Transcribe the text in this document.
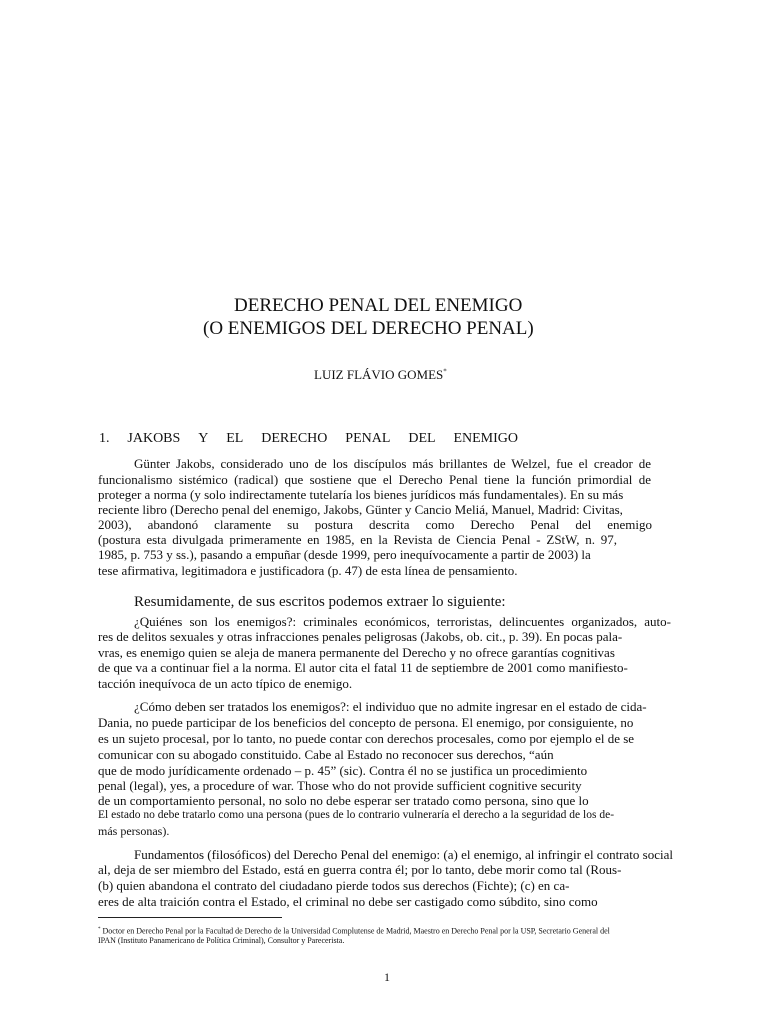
DERECHO PENAL DEL ENEMIGO
(O ENEMIGOS DEL DERECHO PENAL)
LUIZ FLÁVIO GOMES*
1. JAKOBS Y EL DERECHO PENAL DEL ENEMIGO
Günter Jakobs, considerado uno de los discípulos más brillantes de Welzel, fue el creador de
funcionalismo sistémico (radical) que sostiene que el Derecho Penal tiene la función primordial de
proteger a norma (y solo indirectamente tutelaría los bienes jurídicos más fundamentales). En su más
reciente libro (Derecho penal del enemigo, Jakobs, Günter y Cancio Meliá, Manuel, Madrid: Civitas,
2003), abandonó claramente su postura descrita como Derecho Penal del enemigo
(postura esta divulgada primeramente en 1985, en la Revista de Ciencia Penal - ZStW, n. 97,
1985, p. 753 y ss.), pasando a empuñar (desde 1999, pero inequívocamente a partir de 2003) la
tese afirmativa, legitimadora e justificadora (p. 47) de esta línea de pensamiento.
Resumidamente, de sus escritos podemos extraer lo siguiente:
¿Quiénes son los enemigos?: criminales económicos, terroristas, delincuentes organizados, auto-
res de delitos sexuales y otras infracciones penales peligrosas (Jakobs, ob. cit., p. 39). En pocas pala-
vras, es enemigo quien se aleja de manera permanente del Derecho y no ofrece garantías cognitivas
de que va a continuar fiel a la norma. El autor cita el fatal 11 de septiembre de 2001 como manifiesto-
tacción inequívoca de un acto típico de enemigo.
¿Cómo deben ser tratados los enemigos?: el individuo que no admite ingresar en el estado de cida-
Dania, no puede participar de los beneficios del concepto de persona. El enemigo, por consiguiente, no
es un sujeto procesal, por lo tanto, no puede contar con derechos procesales, como por ejemplo el de se
comunicar con su abogado constituido. Cabe al Estado no reconocer sus derechos, “aún
que de modo jurídicamente ordenado – p. 45” (sic). Contra él no se justifica un procedimiento
penal (legal), yes, a procedure of war. Those who do not provide sufficient cognitive security
de un comportamiento personal, no solo no debe esperar ser tratado como persona, sino que lo
El estado no debe tratarlo como una persona (pues de lo contrario vulneraría el derecho a la seguridad de los de-
más personas).
Fundamentos (filosóficos) del Derecho Penal del enemigo: (a) el enemigo, al infringir el contrato social
al, deja de ser miembro del Estado, está en guerra contra él; por lo tanto, debe morir como tal (Rous-
(b) quien abandona el contrato del ciudadano pierde todos sus derechos (Fichte); (c) en ca-
eres de alta traición contra el Estado, el criminal no debe ser castigado como súbdito, sino como
* Doctor en Derecho Penal por la Facultad de Derecho de la Universidad Complutense de Madrid, Maestro en Derecho Penal por la USP, Secretario General del
IPAN (Instituto Panamericano de Política Criminal), Consultor y Parecerista.
1
